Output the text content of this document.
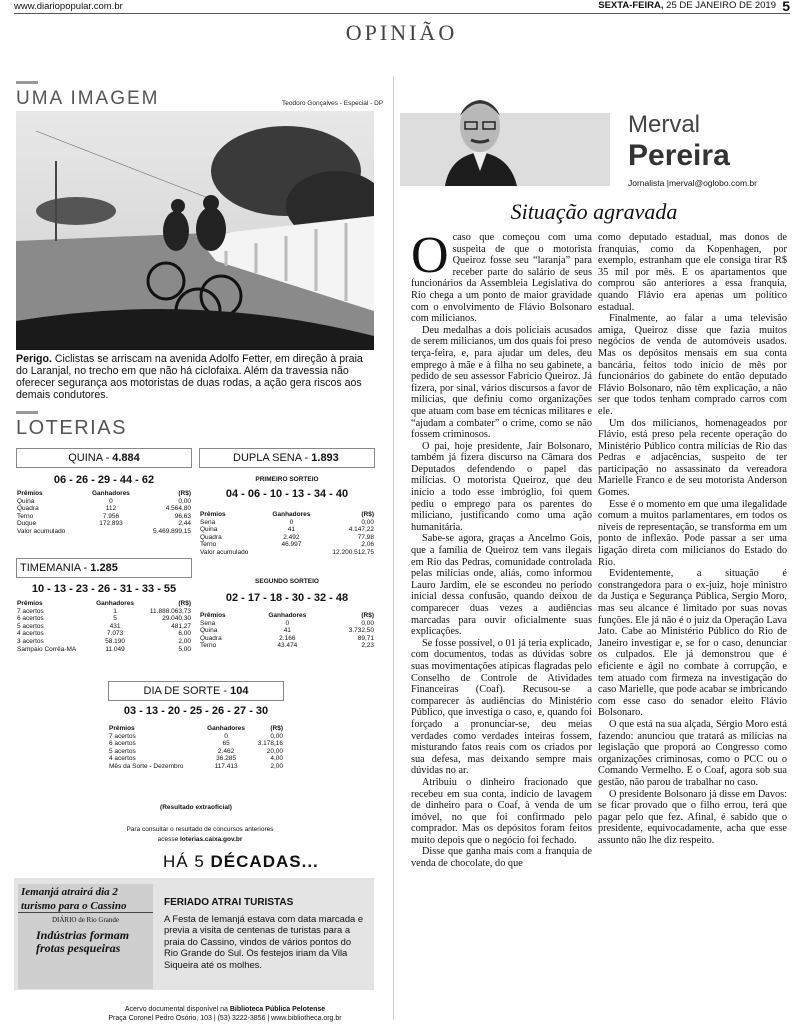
www.diariopopular.com.br	SEXTA-FEIRA, 25 DE JANEIRO DE 2019 5
OPINIÃO
UMA IMAGEM	Teodoro Gonçalves - Especial - DP
Perigo. Ciclistas se arriscam na avenida Adolfo Fetter, em direção à praia do Laranjal, no trecho em que não há ciclofaixa. Além da travessia não oferecer segurança aos motoristas de duas rodas, a ação gera riscos aos demais condutores.
LOTERIAS
QUINA - 4.884
06 - 26 - 29 - 44 - 62
Prêmios	Ganhadores	(R$)
Quina	0	0,00
Quadra	112	4.564,80
Terno	7.956	96,63
Duque	172.893	2,44
Valor acumulado		5.469.899,15
TIMEMANIA - 1.285
10 - 13 - 23 - 26 - 31 - 33 - 55
Prêmios	Ganhadores	(R$)
7 acertos	1	11.888.063,73
6 acertos	5	29.040,30
5 acertos	431	481,27
4 acertos	7.073	6,00
3 acertos	58.190	2,00
Sampaio Corrêa-MA	11.049	5,00
DUPLA SENA - 1.893
PRIMEIRO SORTEIO
04 - 06 - 10 - 13 - 34 - 40
Prêmios	Ganhadores	(R$)
Sena	0	0,00
Quina	41	4.147,22
Quadra	2.492	77,98
Terno	46.997	2,06
Valor acumulado		12.200.512,75
SEGUNDO SORTEIO
02 - 17 - 18 - 30 - 32 - 48
Prêmios	Ganhadores	(R$)
Sena	0	0,00
Quina	41	3.732,50
Quadra	2.166	89,71
Terno	43.474	2,23
DIA DE SORTE - 104
03 - 13 - 20 - 25 - 26 - 27 - 30
Prêmios	Ganhadores	(R$)
7 acertos	0	0,00
6 acertos	65	3.178,16
5 acertos	2.462	20,00
4 acertos	36.285	4,00
Mês da Sorte - Dezembro	117.413	2,00
(Resultado extraoficial)
Para consultar o resultado de concursos anteriores
acesse loterias.caixa.gov.br
HÁ 5 DÉCADAS...
Iemanjá atrairá dia 2
turismo para o Cassino
DIÁRIO de Rio Grande
Indústrias formam
frotas pesqueiras
FERIADO ATRAI TURISTAS
A Festa de Iemanjá estava com data marcada e previa a visita de centenas de turistas para a praia do Cassino, vindos de vários pontos do Rio Grande do Sul. Os festejos iriam da Vila Siqueira até os molhes.
Acervo documental disponível na Biblioteca Pública Pelotense
Praça Coronel Pedro Osório, 103 | (53) 3222-3856 | www.bibliotheca.org.br
Merval
Pereira
Jornalista |merval@oglobo.com.br
Situação agravada
O caso que começou com uma suspeita de que o motorista Queiroz fosse seu “laranja” para receber parte do salário de seus funcionários da Assembleia Legislativa do Rio chega a um ponto de maior gravidade com o envolvimento de Flávio Bolsonaro com milicianos.

Deu medalhas a dois policiais acusados de serem milicianos, um dos quais foi preso terça-feira, e, para ajudar um deles, deu emprego à mãe e à filha no seu gabinete, a pedido de seu assessor Fabrício Queiroz. Já fizera, por sinal, vários discursos a favor de milícias, que definiu como organizações que atuam com base em técnicas militares e “ajudam a combater” o crime, como se não fossem criminosos.

O pai, hoje presidente, Jair Bolsonaro, também já fizera discurso na Câmara dos Deputados defendendo o papel das milícias. O motorista Queiroz, que deu início a todo esse imbróglio, foi quem pediu o emprego para os parentes do miliciano, justificando como uma ação humanitária.

Sabe-se agora, graças a Ancelmo Gois, que a família de Queiroz tem vans ilegais em Rio das Pedras, comunidade controlada pelas milícias onde, aliás, como informou Lauro Jardim, ele se escondeu no período inicial dessa confusão, quando deixou de comparecer duas vezes a audiências marcadas para ouvir oficialmente suas explicações.

Se fosse possível, o 01 já teria explicado, com documentos, todas as dúvidas sobre suas movimentações atípicas flagradas pelo Conselho de Controle de Atividades Financeiras (Coaf). Recusou-se a comparecer às audiências do Ministério Público, que investiga o caso, e, quando foi forçado a pronunciar-se, deu meias verdades como verdades inteiras fossem, misturando fatos reais com os criados por sua defesa, mas deixando sempre mais dúvidas no ar.

Atribuiu o dinheiro fracionado que recebeu em sua conta, indício de lavagem de dinheiro para o Coaf, à venda de um imóvel, no que foi confirmado pelo comprador. Mas os depósitos foram feitos muito depois que o negócio foi fechado.

Disse que ganha mais com a franquia de venda de chocolate, do que

como deputado estadual, mas donos de franquias, como da Kopenhagen, por exemplo, estranham que ele consiga tirar R$ 35 mil por mês. E os apartamentos que comprou são anteriores a essa franquia, quando Flávio era apenas um político estadual.

Finalmente, ao falar a uma televisão amiga, Queiroz disse que fazia muitos negócios de venda de automóveis usados. Mas os depósitos mensais em sua conta bancária, feitos todo início de mês por funcionários do gabinete do então deputado Flávio Bolsonaro, não têm explicação, a não ser que todos tenham comprado carros com ele.

Um dos milicianos, homenageados por Flávio, está preso pela recente operação do Ministério Público contra milícias de Rio das Pedras e adjacências, suspeito de ter participação no assassinato da vereadora Marielle Franco e de seu motorista Anderson Gomes.

Esse é o momento em que uma ilegalidade comum a muitos parlamentares, em todos os níveis de representação, se transforma em um ponto de inflexão. Pode passar a ser uma ligação direta com milicianos do Estado do Rio.

Evidentemente, a situação é constrangedora para o ex-juiz, hoje ministro da Justiça e Segurança Pública, Sergio Moro, mas seu alcance é limitado por suas novas funções. Ele já não é o juiz da Operação Lava Jato. Cabe ao Ministério Público do Rio de Janeiro investigar e, se for o caso, denunciar os culpados. Ele já demonstrou que é eficiente e ágil no combate à corrupção, e tem atuado com firmeza na investigação do caso Marielle, que pode acabar se imbricando com esse caso do senador eleito Flávio Bolsonaro.

O que está na sua alçada, Sérgio Moro está fazendo: anunciou que tratará as milícias na legislação que proporá ao Congresso como organizações criminosas, como o PCC ou o Comando Vermelho. E o Coaf, agora sob sua gestão, não parou de trabalhar no caso.

O presidente Bolsonaro já disse em Davos: se ficar provado que o filho errou, terá que pagar pelo que fez. Afinal, é sabido que o presidente, equivocadamente, acha que esse assunto não lhe diz respeito.
